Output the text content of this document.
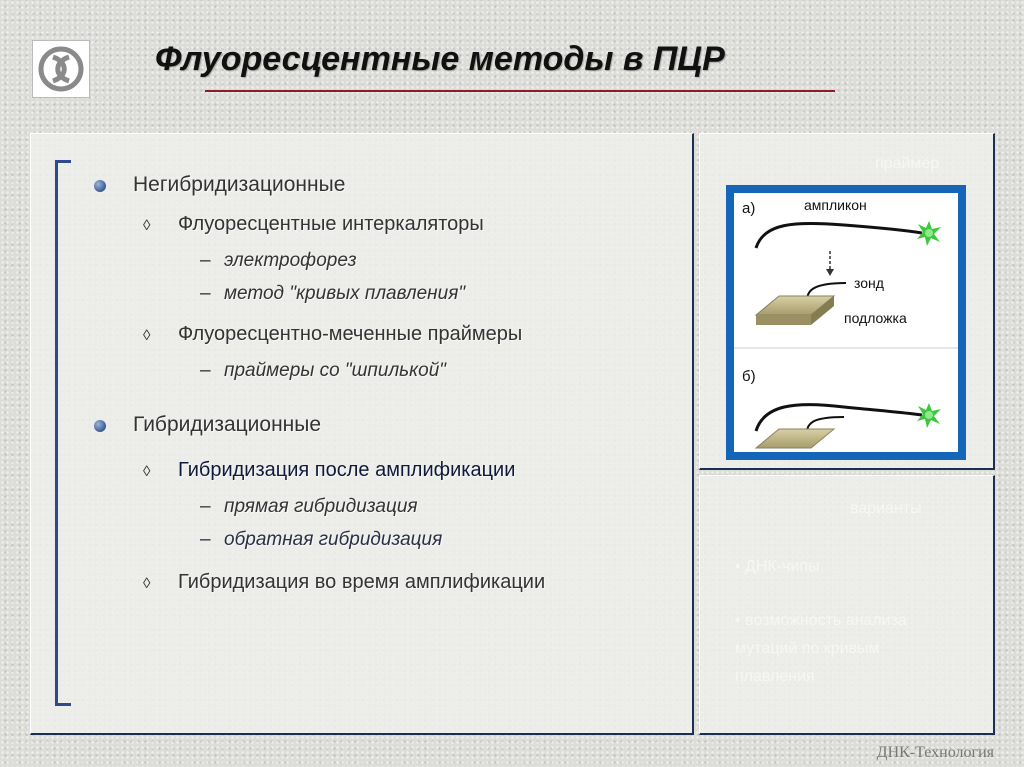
Флуоресцентные методы в ПЦР
праймер
варианты
• ДНК-чипы
• возможность анализа
мутаций по кривым
плавления
Негибридизационные
◊ Флуоресцентные интеркаляторы
– электрофорез
– метод "кривых плавления"
◊ Флуоресцентно-меченные праймеры
– праймеры со "шпилькой"
Гибридизационные
◊ Гибридизация после амплификации
– прямая гибридизация
– обратная гибридизация
◊ Гибридизация во время амплификации
а)	ампликон
зонд
подложка
б)
ДНК-Технология
